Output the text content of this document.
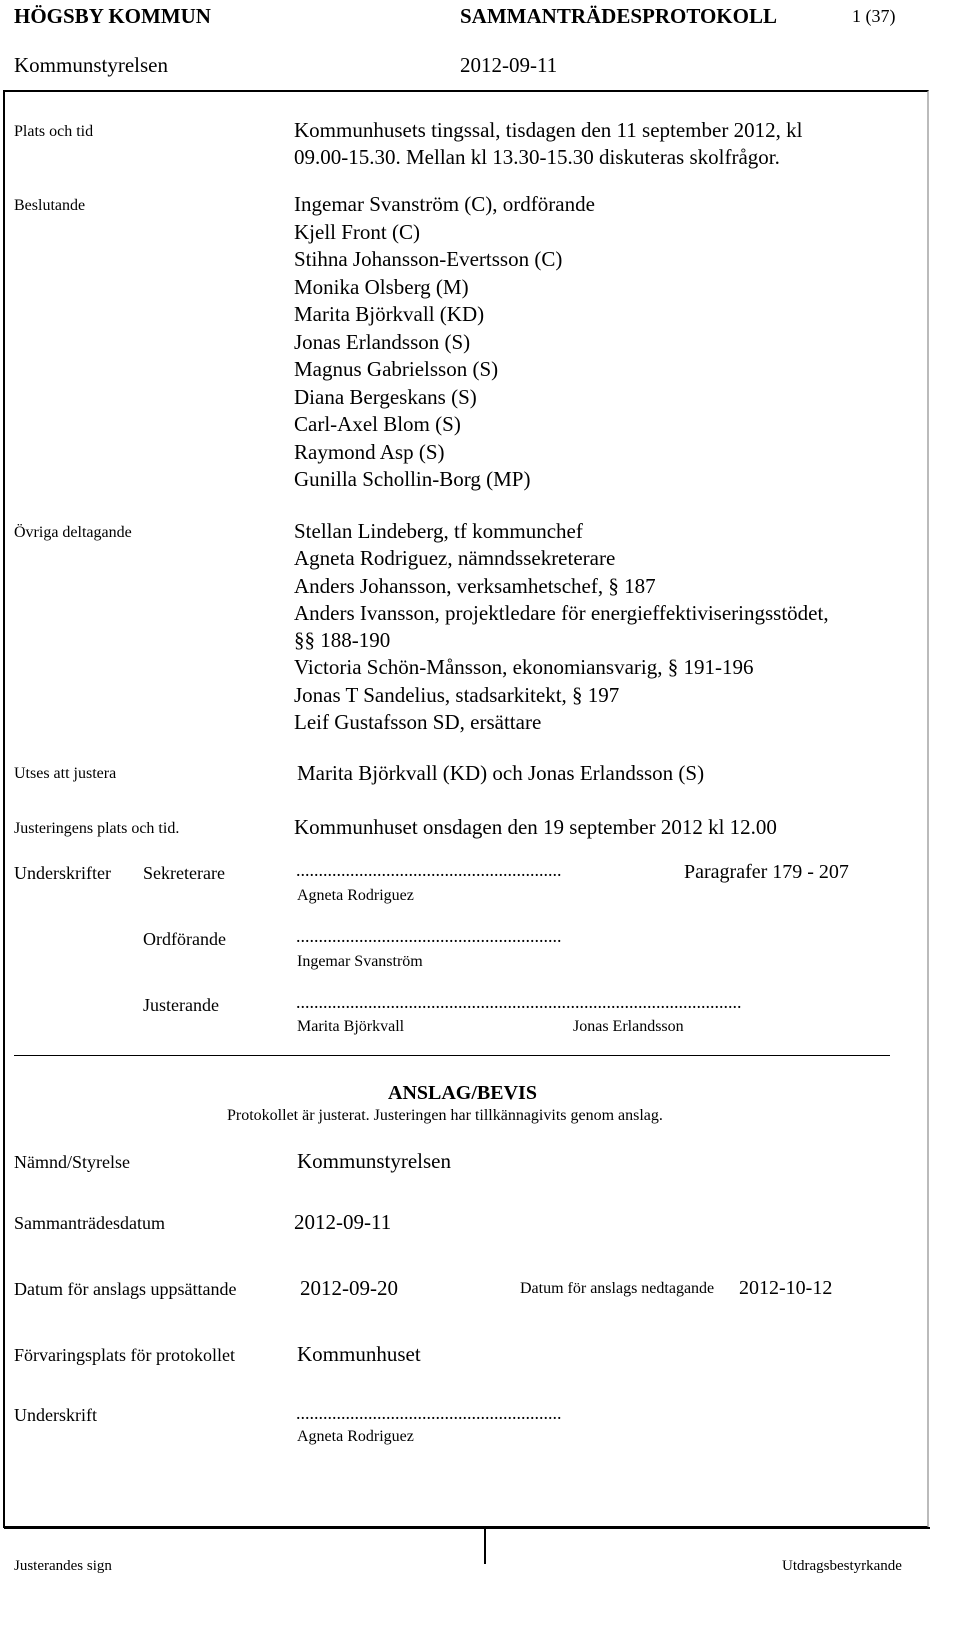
HÖGSBY KOMMUN	SAMMANTRÄDESPROTOKOLL	1 (37)
Kommunstyrelsen	2012-09-11
Plats och tid	Kommunhusets tingssal, tisdagen den 11 september 2012, kl
09.00-15.30. Mellan kl 13.30-15.30 diskuteras skolfrågor.
Beslutande	Ingemar Svanström (C), ordförande
Kjell Front (C)
Stihna Johansson-Evertsson (C)
Monika Olsberg (M)
Marita Björkvall (KD)
Jonas Erlandsson (S)
Magnus Gabrielsson (S)
Diana Bergeskans (S)
Carl-Axel Blom (S)
Raymond Asp (S)
Gunilla Schollin-Borg (MP)
Övriga deltagande	Stellan Lindeberg, tf kommunchef
Agneta Rodriguez, nämndssekreterare
Anders Johansson, verksamhetschef, § 187
Anders Ivansson, projektledare för energieffektiviseringsstödet,
§§ 188-190
Victoria Schön-Månsson, ekonomiansvarig, § 191-196
Jonas T Sandelius, stadsarkitekt, § 197
Leif Gustafsson SD, ersättare
Utses att justera	Marita Björkvall (KD) och Jonas Erlandsson (S)
Justeringens plats och tid.	Kommunhuset onsdagen den 19 september 2012 kl 12.00
Underskrifter Sekreterare	...........................................................	Paragrafer 179 - 207
Agneta Rodriguez
Ordförande	...........................................................
Ingemar Svanström
Justerande	...................................................................................................
Marita Björkvall	Jonas Erlandsson
ANSLAG/BEVIS
Protokollet är justerat. Justeringen har tillkännagivits genom anslag.
Nämnd/Styrelse	Kommunstyrelsen
Sammanträdesdatum	2012-09-11
Datum för anslags uppsättande	2012-09-20	Datum för anslags nedtagande 2012-10-12
Förvaringsplats för protokollet	Kommunhuset
Underskrift	...........................................................
Agneta Rodriguez
Justerandes sign	Utdragsbestyrkande
